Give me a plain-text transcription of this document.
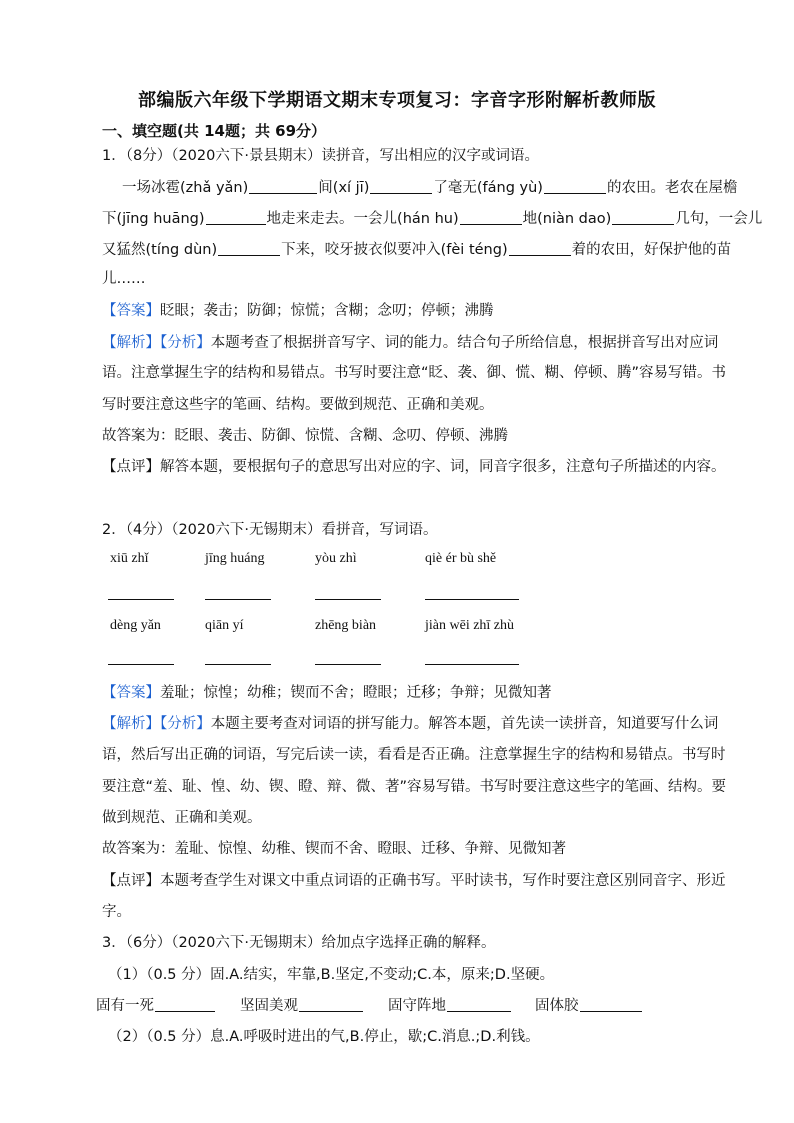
部编版六年级下学期语文期末专项复习：字音字形附解析教师版
一、填空题(共 14题；共 69分）
1．（8分）（2020六下·景县期末）读拼音，写出相应的汉字或词语。
一场冰雹(zhǎ yǎn)	间(xí jī)	了毫无(fáng yù)	的农田。老农在屋檐
下(jīng huāng)	地走来走去。一会儿(hán hu)	地(niàn dao)	几句，一会儿
又猛然(tíng dùn)	下来，咬牙披衣似要冲入(fèi téng)	着的农田，好保护他的苗
儿……
【答案】眨眼；袭击；防御；惊慌；含糊；念叨；停顿；沸腾
【解析】【分析】本题考查了根据拼音写字、词的能力。结合句子所给信息，根据拼音写出对应词
语。注意掌握生字的结构和易错点。书写时要注意“眨、袭、御、慌、糊、停顿、腾”容易写错。书
写时要注意这些字的笔画、结构。要做到规范、正确和美观。
故答案为：眨眼、袭击、防御、惊慌、含糊、念叨、停顿、沸腾
【点评】解答本题，要根据句子的意思写出对应的字、词，同音字很多，注意句子所描述的内容。
2．（4分）（2020六下·无锡期末）看拼音，写词语。
xiū zhǐ	jīng huáng	yòu zhì	qiè ér bù shě
dèng yǎn	qiān yí	zhēng biàn	jiàn wēi zhī zhù
【答案】羞耻；惊惶；幼稚；锲而不舍；瞪眼；迁移；争辩；见微知著
【解析】【分析】本题主要考查对词语的拼写能力。解答本题，首先读一读拼音，知道要写什么词
语，然后写出正确的词语，写完后读一读，看看是否正确。注意掌握生字的结构和易错点。书写时
要注意“羞、耻、惶、幼、锲、瞪、辩、微、著”容易写错。书写时要注意这些字的笔画、结构。要
做到规范、正确和美观。
故答案为：羞耻、惊惶、幼稚、锲而不舍、瞪眼、迁移、争辩、见微知著
【点评】本题考查学生对课文中重点词语的正确书写。平时读书，写作时要注意区别同音字、形近
字。
3．（6分）（2020六下·无锡期末）给加点字选择正确的解释。
（1）（0.5 分）固.A.结实，牢靠,B.坚定,不变动;C.本，原来;D.坚硬。
固有一死	坚固美观	固守阵地	固体胶
（2）（0.5 分）息.A.呼吸时进出的气,B.停止，歇;C.消息.;D.利钱。
